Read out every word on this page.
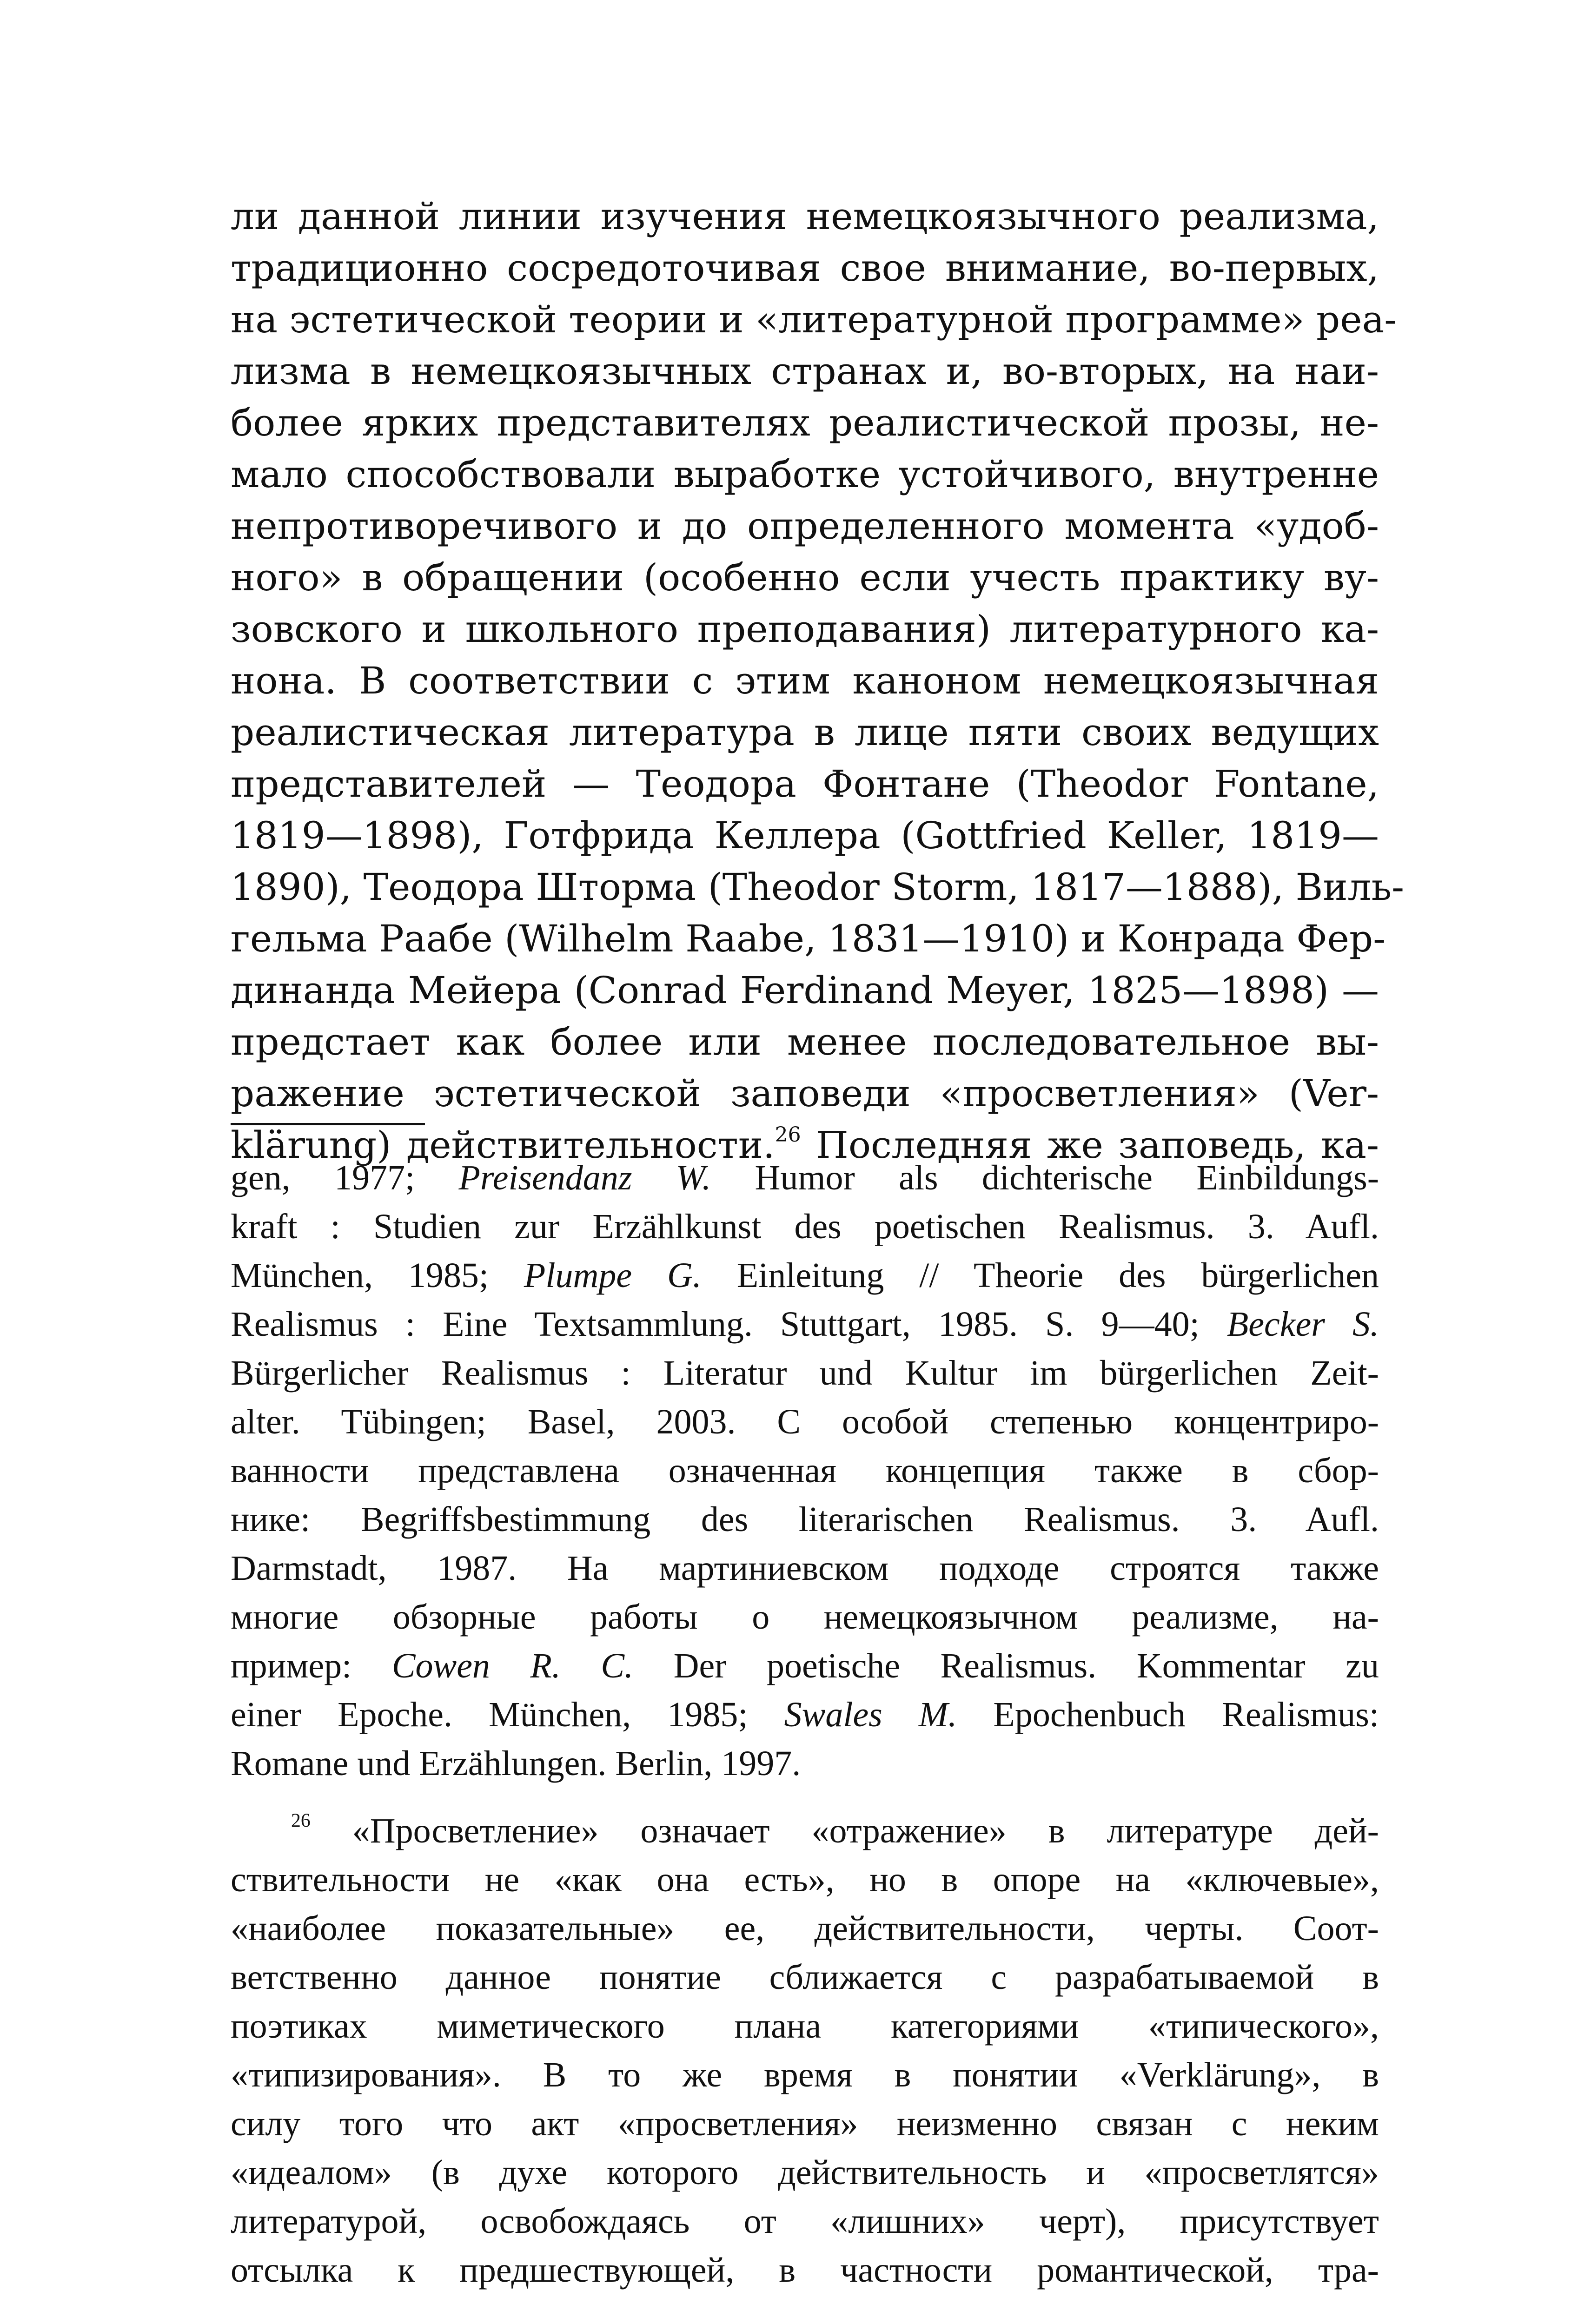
ли данной линии изучения немецкоязычного реализма,
традиционно сосредоточивая свое внимание, во-первых,
на эстетической теории и «литературной программе» реа-
лизма в немецкоязычных странах и, во-вторых, на наи-
более ярких представителях реалистической прозы, не-
мало способствовали выработке устойчивого, внутренне
непротиворечивого и до определенного момента «удоб-
ного» в обращении (особенно если учесть практику ву-
зовского и школьного преподавания) литературного ка-
нона. В соответствии с этим каноном немецкоязычная
реалистическая литература в лице пяти своих ведущих
представителей — Теодора Фонтане (Theodor Fontane,
1819—1898), Готфрида Келлера (Gottfried Keller, 1819—
1890), Теодора Шторма (Theodor Storm, 1817—1888), Виль-
гельма Раабе (Wilhelm Raabe, 1831—1910) и Конрада Фер-
динанда Мейера (Conrad Ferdinand Meyer, 1825—1898) —
предстает как более или менее последовательное вы-
ражение эстетической заповеди «просветления» (Ver-
klärung) действительности.$^{26}$ Последняя же заповедь, ка-
gen, 1977; Preisendanz W. Humor als dichterische Einbildungs-
kraft : Studien zur Erzählkunst des poetischen Realismus. 3. Aufl.
München, 1985; Plumpe G. Einleitung // Theorie des bürgerlichen
Realismus : Eine Textsammlung. Stuttgart, 1985. S. 9—40; Becker S.
Bürgerlicher Realismus : Literatur und Kultur im bürgerlichen Zeit-
alter. Tübingen; Basel, 2003. С особой степенью концентриро-
ванности представлена означенная концепция также в сбор-
нике: Begriffsbestimmung des literarischen Realismus. 3. Aufl.
Darmstadt, 1987. На мартиниевском подходе строятся также
многие обзорные работы о немецкоязычном реализме, на-
пример: Cowen R. C. Der poetische Realismus. Kommentar zu
einer Epoche. München, 1985; Swales M. Epochenbuch Realismus:
Romane und Erzählungen. Berlin, 1997.
$^{26}$ «Просветление» означает «отражение» в литературе дей-
ствительности не «как она есть», но в опоре на «ключевые»,
«наиболее показательные» ее, действительности, черты. Соот-
ветственно данное понятие сближается с разрабатываемой в
поэтиках миметического плана категориями «типического»,
«типизирования». В то же время в понятии «Verklärung», в
силу того что акт «просветления» неизменно связан с неким
«идеалом» (в духе которого действительность и «просветлятся»
литературой, освобождаясь от «лишних» черт), присутствует
отсылка к предшествующей, в частности романтической, тра-
